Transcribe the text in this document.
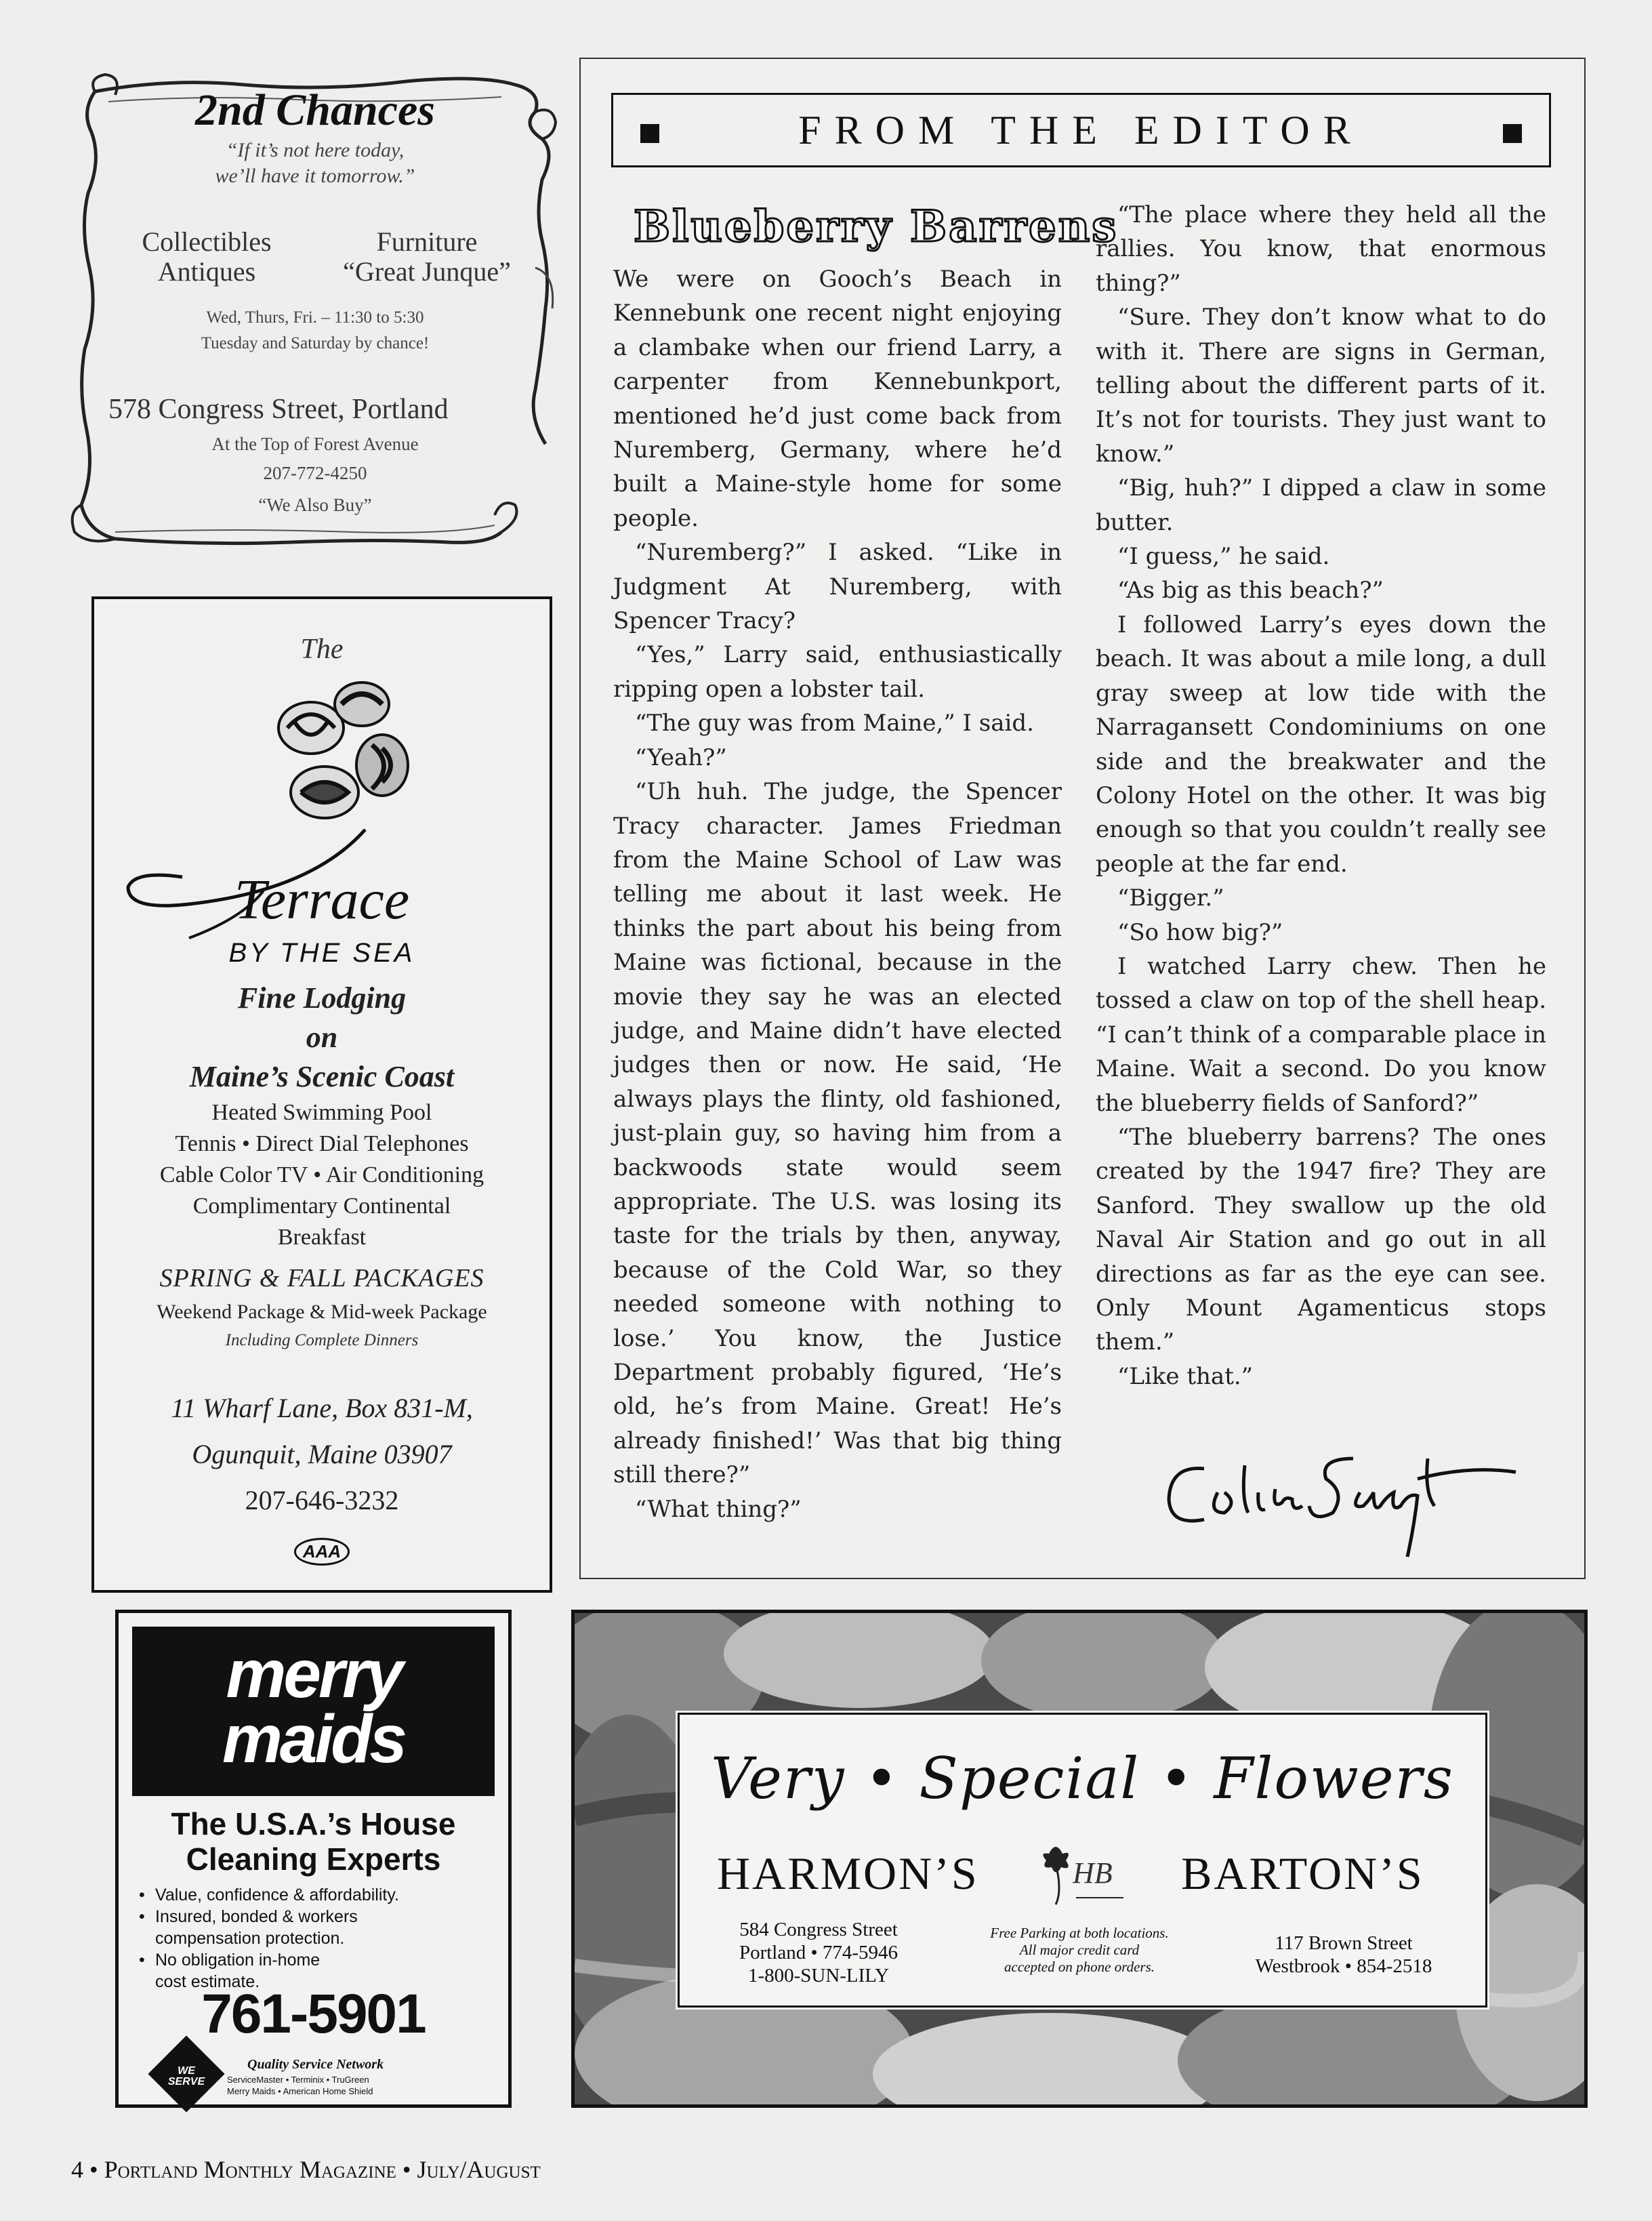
2nd Chances
“If it’s not here today,
we’ll have it tomorrow.”
Collectibles
Antiques
Furniture
“Great Junque”
Wed, Thurs, Fri. – 11:30 to 5:30
Tuesday and Saturday by chance!
578 Congress Street, Portland
At the Top of Forest Avenue
207-772-4250
“We Also Buy”
The
Terrace
BY THE SEA
Fine Lodging
on
Maine’s Scenic Coast
Heated Swimming Pool
Tennis • Direct Dial Telephones
Cable Color TV • Air Conditioning
Complimentary Continental
Breakfast
SPRING & FALL PACKAGES
Weekend Package & Mid-week Package
Including Complete Dinners
11 Wharf Lane, Box 831-M,
Ogunquit, Maine 03907
207-646-3232
AAA
merry
maids
The U.S.A.’s House
Cleaning Experts
• Value, confidence & affordability.
• Insured, bonded & workers
compensation protection.
• No obligation in-home
cost estimate.
761-5901
WE SERVE
Quality Service Network
ServiceMaster • Terminix • TruGreen
Merry Maids • American Home Shield
FROM THE EDITOR
Blueberry Barrens

We were on Gooch’s Beach in Kennebunk one recent night enjoying a clambake when our friend Larry, a carpenter from Kennebunkport, mentioned he’d just come back from Nuremberg, Germany, where he’d built a Maine-style home for some people.

“Nuremberg?” I asked. “Like in Judgment At Nuremberg, with Spencer Tracy?

“Yes,” Larry said, enthusiastically ripping open a lobster tail.

“The guy was from Maine,” I said.

“Yeah?”

“Uh huh. The judge, the Spencer Tracy character. James Friedman from the Maine School of Law was telling me about it last week. He thinks the part about his being from Maine was fictional, because in the movie they say he was an elected judge, and Maine didn’t have elected judges then or now. He said, ‘He always plays the flinty, old fashioned, just-plain guy, so having him from a backwoods state would seem appropriate. The U.S. was losing its taste for the trials by then, anyway, because of the Cold War, so they needed someone with nothing to lose.’ You know, the Justice Department probably figured, ‘He’s old, he’s from Maine. Great! He’s already finished!’ Was that big thing still there?”

“What thing?”

“The place where they held all the rallies. You know, that enormous thing?”

“Sure. They don’t know what to do with it. There are signs in German, telling about the different parts of it. It’s not for tourists. They just want to know.”

“Big, huh?” I dipped a claw in some butter.

“I guess,” he said.

“As big as this beach?”

I followed Larry’s eyes down the beach. It was about a mile long, a dull gray sweep at low tide with the Narragansett Condominiums on one side and the breakwater and the Colony Hotel on the other. It was big enough so that you couldn’t really see people at the far end.

“Bigger.”

“So how big?”

I watched Larry chew. Then he tossed a claw on top of the shell heap. “I can’t think of a comparable place in Maine. Wait a second. Do you know the blueberry fields of Sanford?”

“The blueberry barrens? The ones created by the 1947 fire? They are Sanford. They swallow up the old Naval Air Station and go out in all directions as far as the eye can see. Only Mount Agamenticus stops them.”

“Like that.”

Very • Special • Flowers
HARMON’S	HB BARTON’S
584 Congress Street
Portland • 774-5946
1-800-SUN-LILY
Free Parking at both locations.
All major credit card
accepted on phone orders.
117 Brown Street
Westbrook • 854-2518
4 • Portland Monthly Magazine • July/August
